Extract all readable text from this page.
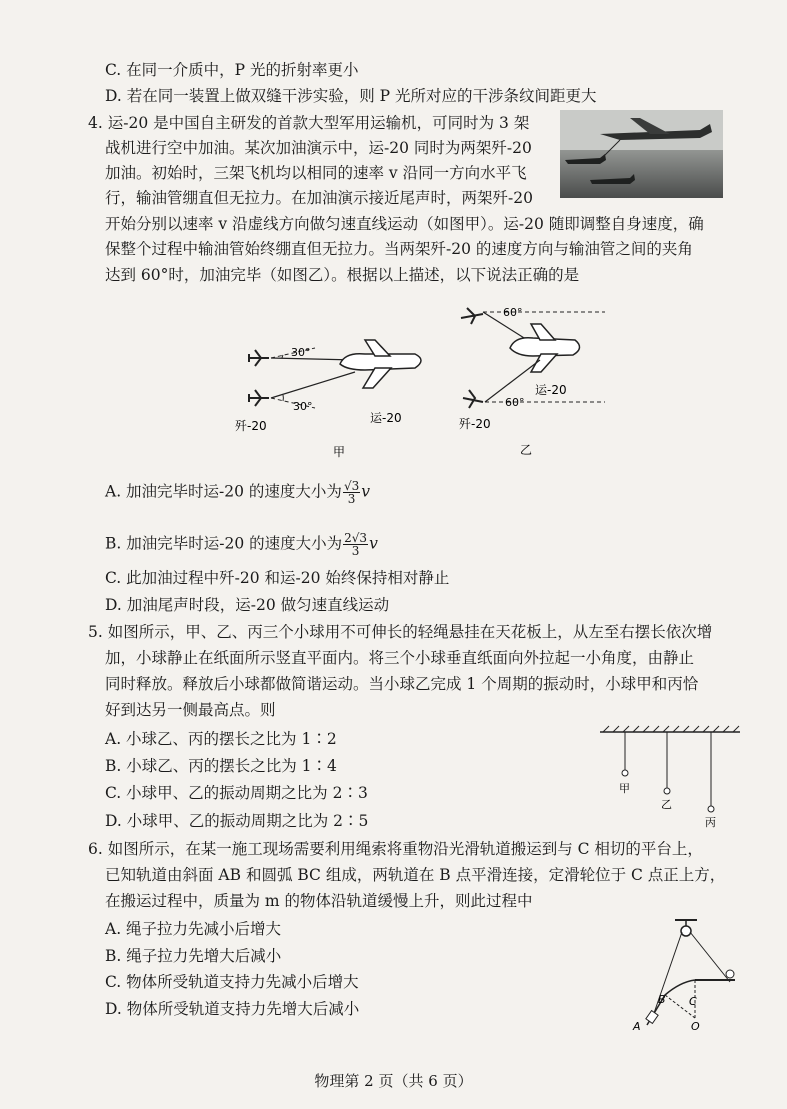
C. 在同一介质中，P 光的折射率更小
D. 若在同一装置上做双缝干涉实验，则 P 光所对应的干涉条纹间距更大
4. 运-20 是中国自主研发的首款大型军用运输机，可同时为 3 架
战机进行空中加油。某次加油演示中，运-20 同时为两架歼-20
加油。初始时，三架飞机均以相同的速率 v 沿同一方向水平飞
行，输油管绷直但无拉力。在加油演示接近尾声时，两架歼-20
开始分别以速率 v 沿虚线方向做匀速直线运动（如图甲）。运-20 随即调整自身速度，确
保整个过程中输油管始终绷直但无拉力。当两架歼-20 的速度方向与输油管之间的夹角
达到 60°时，加油完毕（如图乙）。根据以上描述，以下说法正确的是
30°
30°
歼-20
运-20
甲
60°
60°
运-20
歼-20
乙
A. 加油完毕时运-20 的速度大小为 $\frac{√3}{3}$ v
B. 加油完毕时运-20 的速度大小为 $\frac{2√3}{3}$ v
C. 此加油过程中歼-20 和运-20 始终保持相对静止
D. 加油尾声时段，运-20 做匀速直线运动
5. 如图所示，甲、乙、丙三个小球用不可伸长的轻绳悬挂在天花板上，从左至右摆长依次增
加，小球静止在纸面所示竖直平面内。将三个小球垂直纸面向外拉起一小角度，由静止
同时释放。释放后小球都做简谐运动。当小球乙完成 1 个周期的振动时，小球甲和丙恰
好到达另一侧最高点。则
A. 小球乙、丙的摆长之比为 1∶2
B. 小球乙、丙的摆长之比为 1∶4
C. 小球甲、乙的振动周期之比为 2∶3
D. 小球甲、乙的振动周期之比为 2∶5
甲
乙
丙
6. 如图所示，在某一施工现场需要利用绳索将重物沿光滑轨道搬运到与 C 相切的平台上，
已知轨道由斜面 AB 和圆弧 BC 组成，两轨道在 B 点平滑连接，定滑轮位于 C 点正上方，
在搬运过程中，质量为 m 的物体沿轨道缓慢上升，则此过程中
A. 绳子拉力先减小后增大
B. 绳子拉力先增大后减小
C. 物体所受轨道支持力先减小后增大
D. 物体所受轨道支持力先增大后减小
A
B C
O
物理第 2 页（共 6 页）
